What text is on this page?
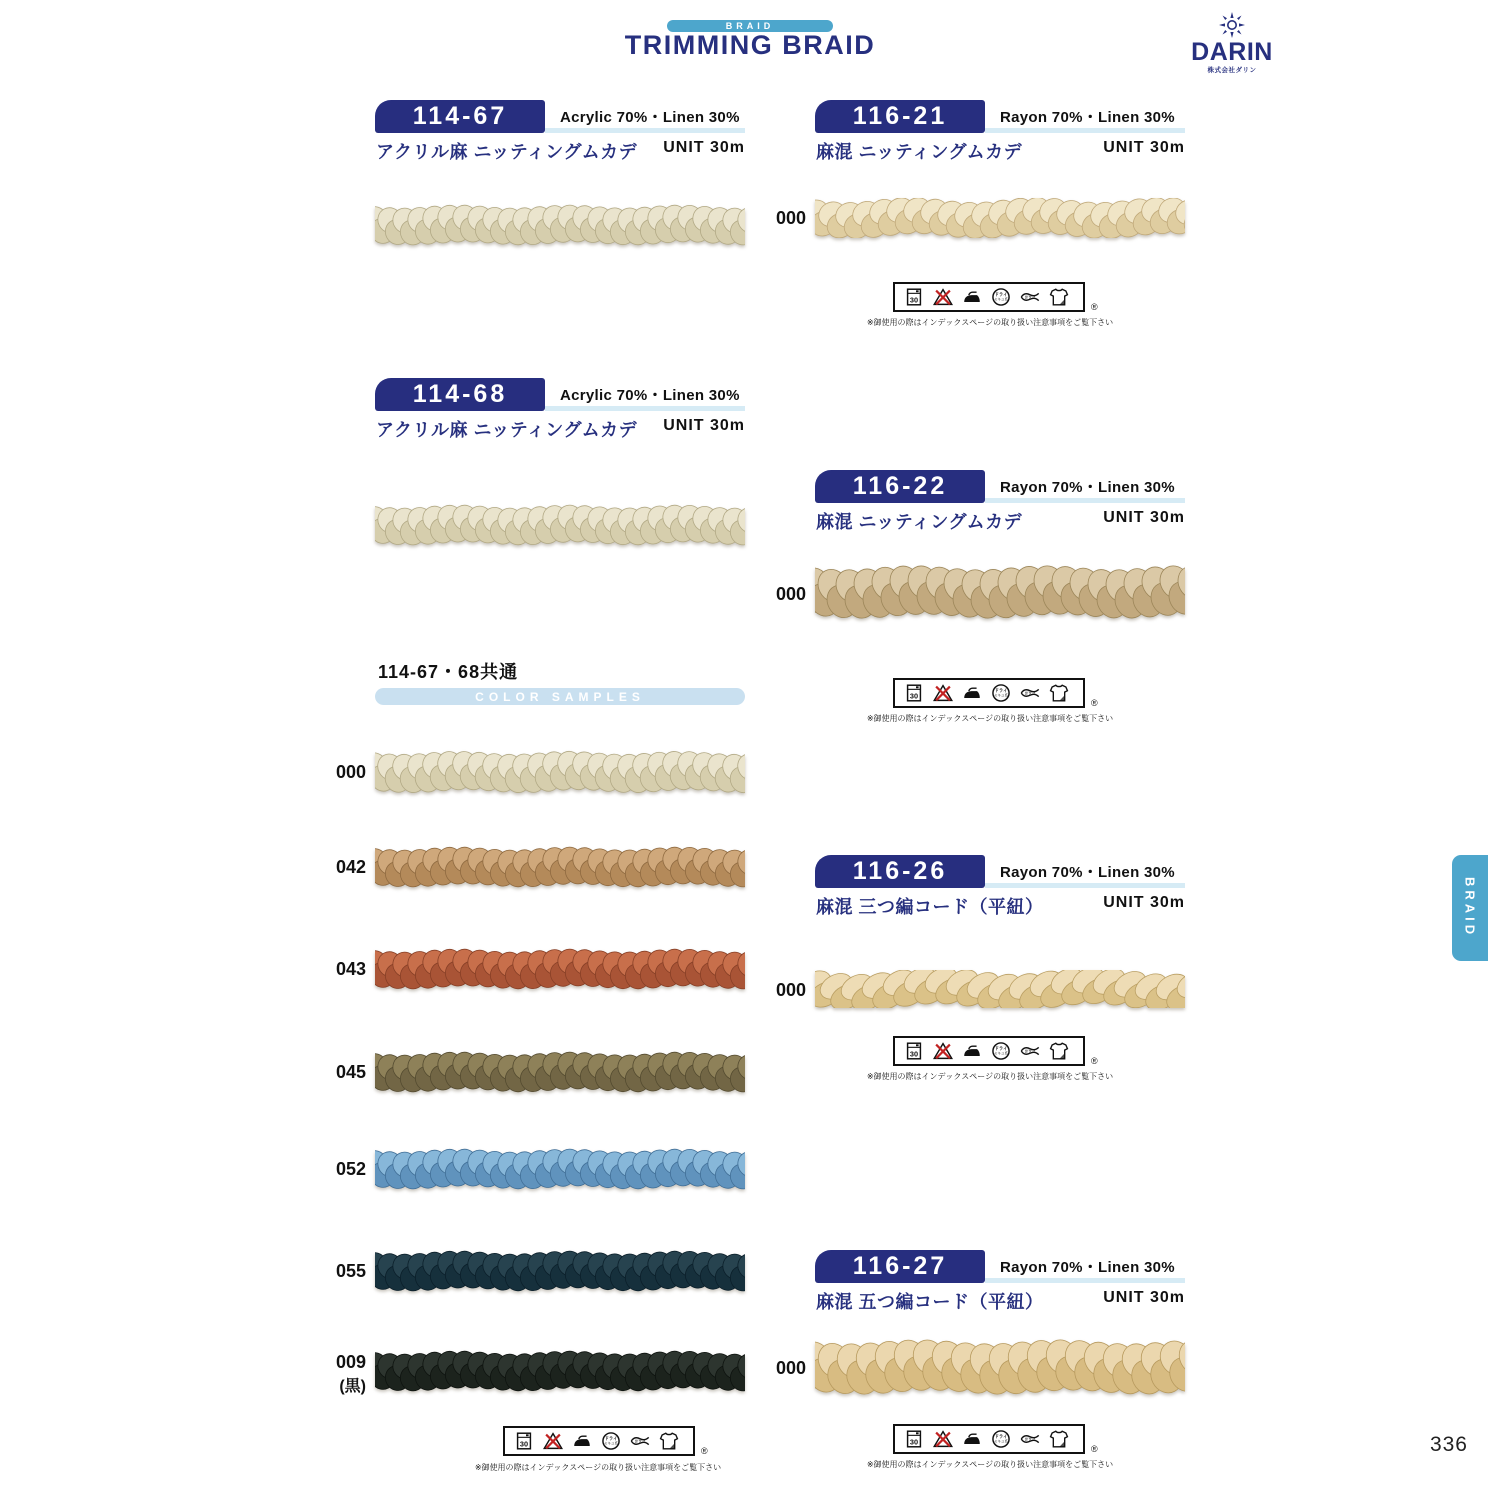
BRAID
TRIMMING BRAID	DARIN
株式会社ダリン
114-67	Acrylic 70%・Linen 30%
アクリル麻 ニッティングムカデ	UNIT 30m
114-68	Acrylic 70%・Linen 30%
アクリル麻 ニッティングムカデ	UNIT 30m
114-67・68共通
COLOR SAMPLES
000
042
043
045
052
055
009
(黒)
30
ドライ
セキユ系
ヨワク
®
※御使用の際はインデックスページの取り扱い注意事項をご覧下さい
116-21	Rayon 70%・Linen 30%
麻混 ニッティングムカデ	UNIT 30m
000
30
ドライ
セキユ系
ヨワク
®
※御使用の際はインデックスページの取り扱い注意事項をご覧下さい
116-22	Rayon 70%・Linen 30%
麻混 ニッティングムカデ	UNIT 30m
000
30
ドライ
セキユ系
ヨワク
®
※御使用の際はインデックスページの取り扱い注意事項をご覧下さい
116-26	Rayon 70%・Linen 30%
麻混 三つ編コード（平紐）	UNIT 30m
000
30
ドライ
セキユ系
ヨワク
®
※御使用の際はインデックスページの取り扱い注意事項をご覧下さい
116-27	Rayon 70%・Linen 30%
麻混 五つ編コード（平紐）	UNIT 30m
000
30
ドライ
セキユ系
ヨワク
®
※御使用の際はインデックスページの取り扱い注意事項をご覧下さい
BRAID
336
